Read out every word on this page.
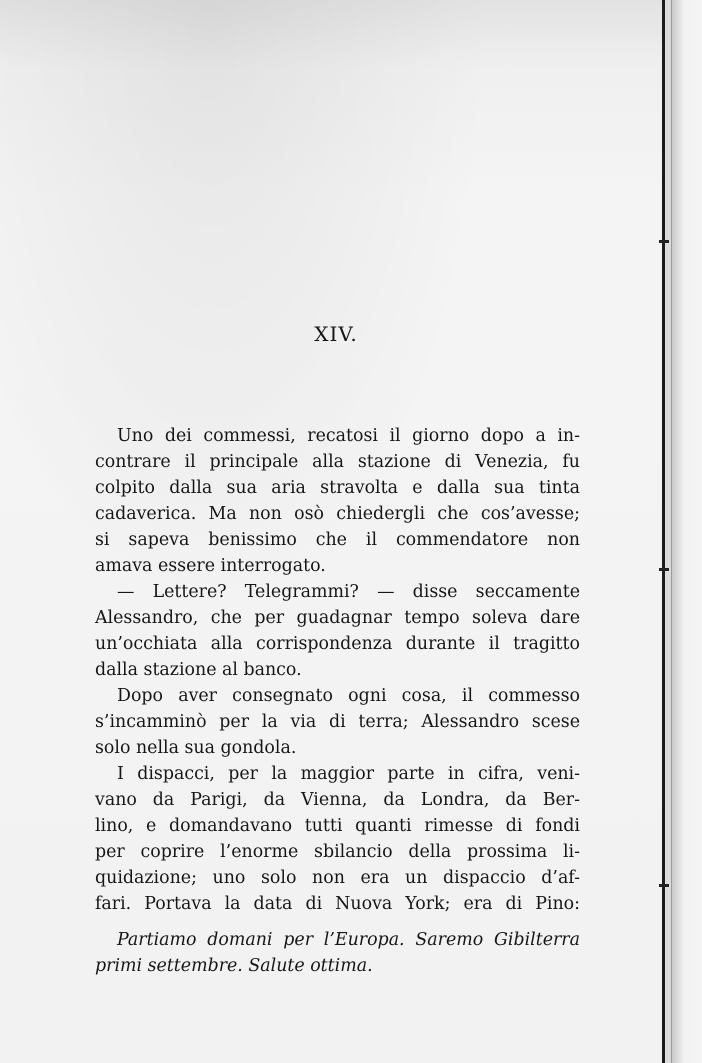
XIV.
Uno dei commessi, recatosi il giorno dopo a in-
contrare il principale alla stazione di Venezia, fu
colpito dalla sua aria stravolta e dalla sua tinta
cadaverica. Ma non osò chiedergli che cos’avesse;
si sapeva benissimo che il commendatore non
amava essere interrogato.
— Lettere? Telegrammi? — disse seccamente
Alessandro, che per guadagnar tempo soleva dare
un’occhiata alla corrispondenza durante il tragitto
dalla stazione al banco.
Dopo aver consegnato ogni cosa, il commesso
s’incamminò per la via di terra; Alessandro scese
solo nella sua gondola.
I dispacci, per la maggior parte in cifra, veni-
vano da Parigi, da Vienna, da Londra, da Ber-
lino, e domandavano tutti quanti rimesse di fondi
per coprire l’enorme sbilancio della prossima li-
quidazione; uno solo non era un dispaccio d’af-
fari. Portava la data di Nuova York; era di Pino:
Partiamo domani per l’Europa. Saremo Gibilterra
primi settembre. Salute ottima.
